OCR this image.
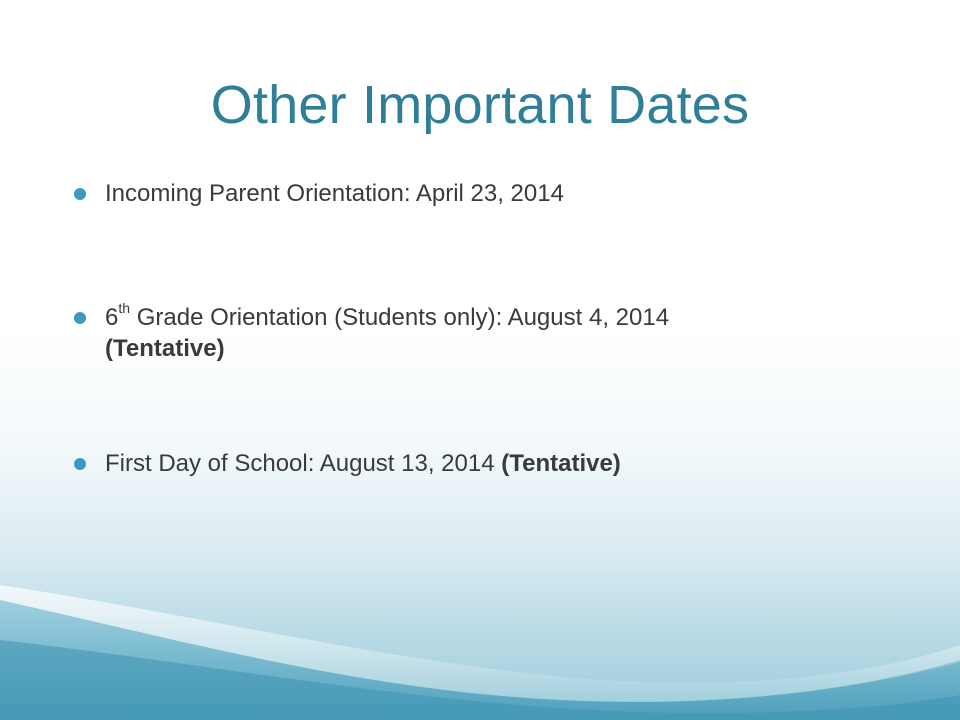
Other Important Dates
Incoming Parent Orientation: April 23, 2014
6th Grade Orientation (Students only): August 4, 2014
(Tentative)
First Day of School: August 13, 2014 (Tentative)
